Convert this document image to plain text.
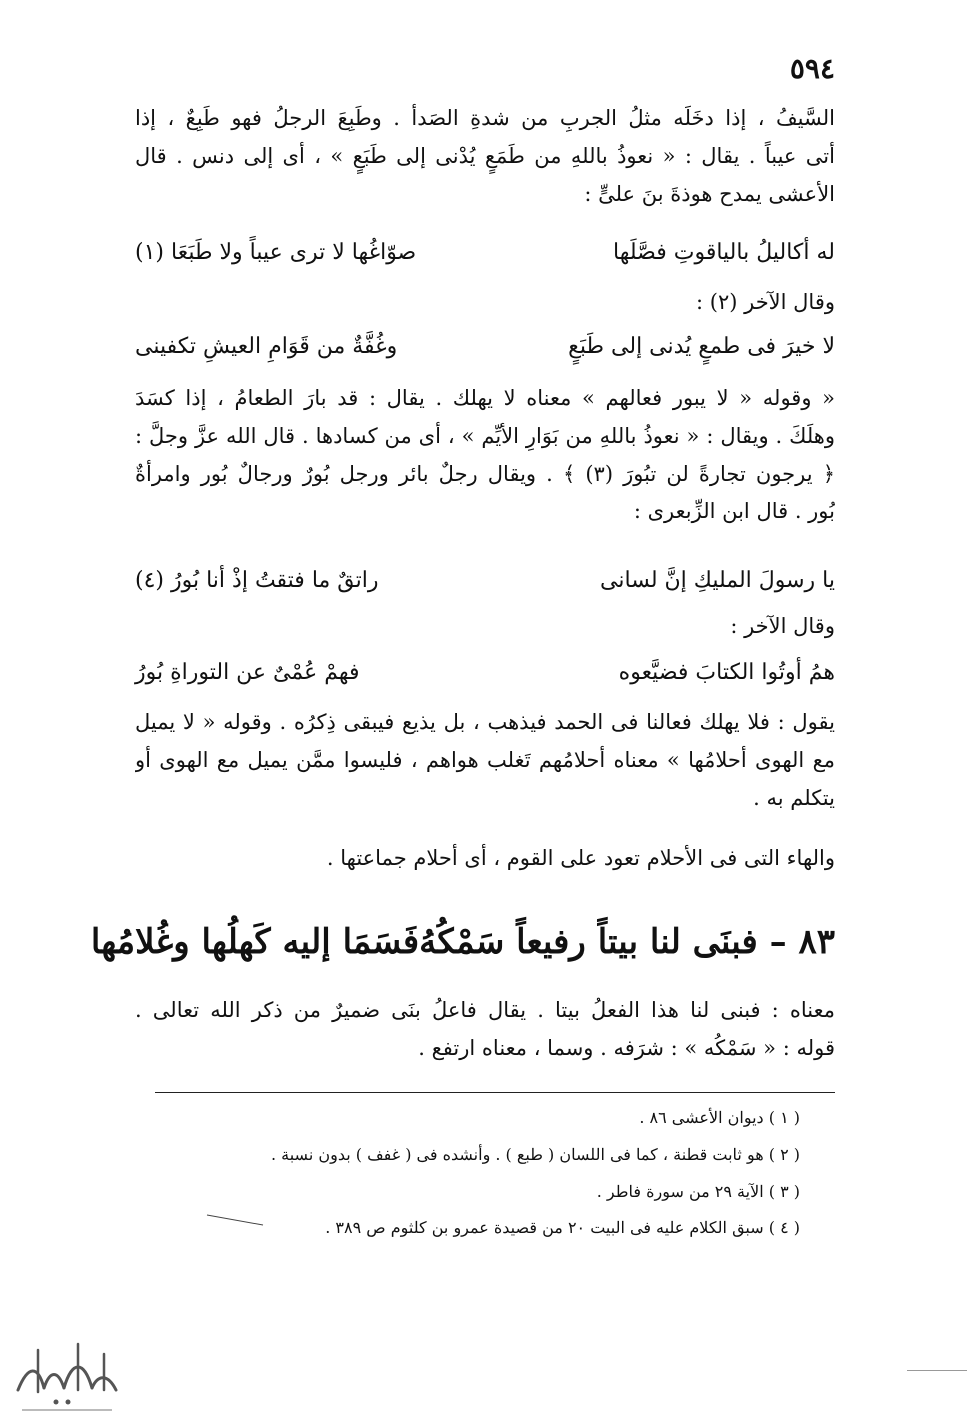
٥٩٤
السَّيفُ ، إذا دخَلَه مثلُ الجربِ من شدةِ الصَدأ . وطَبِعَ الرجلُ فهو طَبِعٌ ، إذا
أتى عيباً . يقال : « نعوذُ باللهِ من طَمَعٍ يُدْنى إلى طَبَعٍ » ، أى إلى دنس . قال
الأعشى يمدح هوذةَ بنَ علىٍّ :
له أكاليلُ بالياقوتِ فصَّلَها
صوّاغُها لا ترى عيباً ولا طَبَعَا (١)
وقال الآخر (٢) :
لا خيرَ فى طمعٍ يُدنى إلى طَبَعٍ
وغُفَّةٌ من قَوَامِ العيشِ تكفينى
« وقوله « لا يبور فعالهم » معناه لا يهلك . يقال : قد بارَ الطعامُ ، إذا كسَدَ
وهلَكَ . ويقال : « نعوذُ باللهِ من بَوَارِ الأيِّم » ، أى من كسادها . قال الله عزَّ وجلَّ :
﴿ يرجون تجارةً لن تبُورَ (٣) ﴾ . ويقال رجلٌ بائر ورجل بُورٌ ورجالٌ بُور وامرأةٌ
بُور . قال ابن الزِّبعرى :
يا رسولَ المليكِ إنَّ لسانى
راتقٌ ما فتقتُ إذْ أنا بُورُ (٤)
وقال الآخر :
همُ أوتُوا الكتابَ فضيَّعوه
فهمْ عُمْىٌ عن التوراةِ بُورُ
يقول : فلا يهلك فعالنا فى الحمد فيذهب ، بل يذيع فيبقى ذِكرُه . وقوله « لا يميل
مع الهوى أحلامُها » معناه أحلامُهم تَغلب هواهم ، فليسوا ممَّن يميل مع الهوى أو
يتكلم به .
والهاء التى فى الأحلام تعود على القوم ، أى أحلام جماعتها .
٨٣ – فبنَى لنا بيتاً رفيعاً سَمْكُهُ
فَسَمَا إليه كَهلُها وغُلامُها
معناه : فبنى لنا هذا الفعلُ بيتا . يقال فاعلُ بنَى ضميرٌ من ذكر الله تعالى .
قوله : « سَمْكُه » : شرَفه . وسما ، معناه ارتفع .
( ١ ) ديوان الأعشى ٨٦ .
( ٢ ) هو ثابت قطنة ، كما فى اللسان ( طبع ) . وأنشده فى ( غفف ) بدون نسبة .
( ٣ ) الآية ٢٩ من سورة فاطر .
( ٤ ) سبق الكلام عليه فى البيت ٢٠ من قصيدة عمرو بن كلثوم ص ٣٨٩ .
